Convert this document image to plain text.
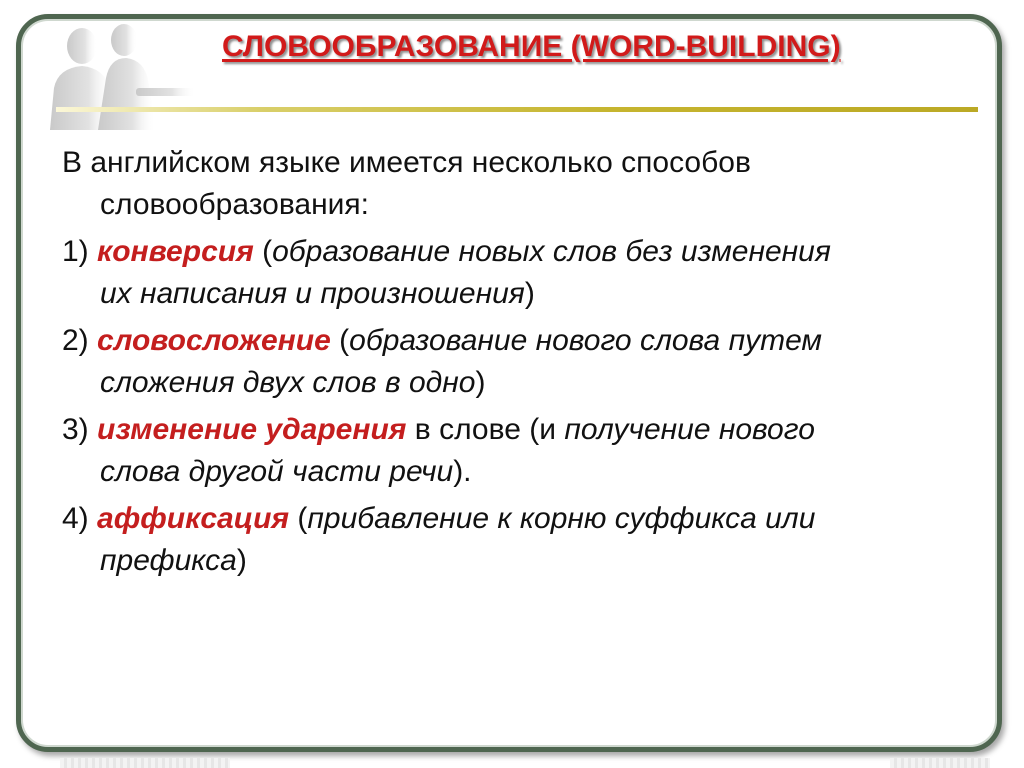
СЛОВООБРАЗОВАНИЕ (WORD-BUILDING)
В английском языке имеется несколько способов
словообразования:
1) конверсия (образование новых слов без изменения
их написания и произношения)
2) словосложение (образование нового слова путем
сложения двух слов в одно)
3) изменение ударения в слове (и получение нового
слова другой части речи).
4) аффиксация (прибавление к корню суффикса или
префикса)
